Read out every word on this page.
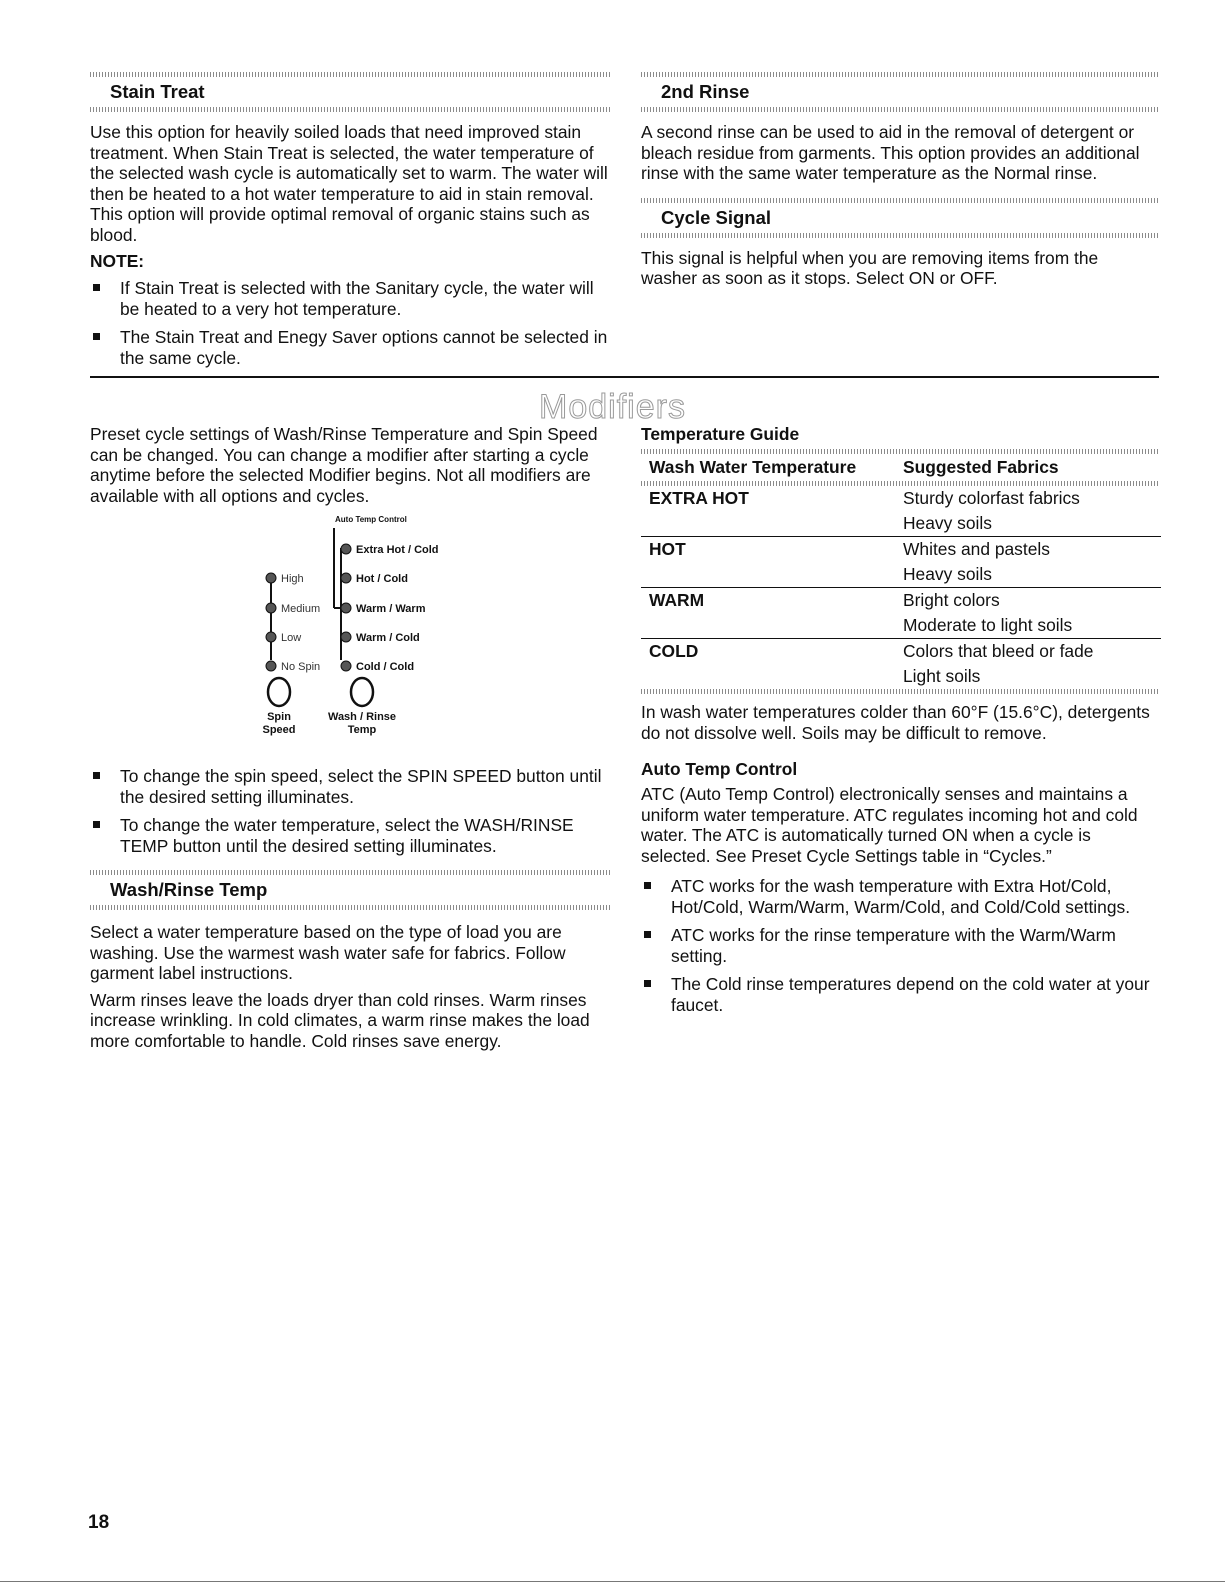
Stain Treat

Use this option for heavily soiled loads that need improved stain treatment. When Stain Treat is selected, the water temperature of the selected wash cycle is automatically set to warm. The water will then be heated to a hot water temperature to aid in stain removal. This option will provide optimal removal of organic stains such as blood.

NOTE:
If Stain Treat is selected with the Sanitary cycle, the water will be heated to a very hot temperature.
The Stain Treat and Enegy Saver options cannot be selected in the same cycle.
2nd Rinse

A second rinse can be used to aid in the removal of detergent or bleach residue from garments. This option provides an additional rinse with the same water temperature as the Normal rinse.

Cycle Signal

This signal is helpful when you are removing items from the washer as soon as it stops. Select ON or OFF.

Modifiers

Preset cycle settings of Wash/Rinse Temperature and Spin Speed can be changed. You can change a modifier after starting a cycle anytime before the selected Modifier begins. Not all modifiers are available with all options and cycles.

Auto Temp Control
High
Medium
Low
No Spin
Extra Hot / Cold
Hot / Cold
Warm / Warm
Warm / Cold
Cold / Cold
Spin
Speed
Wash / Rinse
Temp
To change the spin speed, select the SPIN SPEED button until the desired setting illuminates.
To change the water temperature, select the WASH/RINSE TEMP button until the desired setting illuminates.
Wash/Rinse Temp

Select a water temperature based on the type of load you are washing. Use the warmest wash water safe for fabrics. Follow garment label instructions.

Warm rinses leave the loads dryer than cold rinses. Warm rinses increase wrinkling. In cold climates, a warm rinse makes the load more comfortable to handle. Cold rinses save energy.

Temperature Guide
Wash Water Temperature	Suggested Fabrics
EXTRA HOT	Sturdy colorfast fabrics
Heavy soils

HOT	Whites and pastels
Heavy soils

WARM	Bright colors
Moderate to light soils

COLD	Colors that bleed or fade
Light soils

In wash water temperatures colder than 60°F (15.6°C), detergents do not dissolve well. Soils may be difficult to remove.

Auto Temp Control

ATC (Auto Temp Control) electronically senses and maintains a uniform water temperature. ATC regulates incoming hot and cold water. The ATC is automatically turned ON when a cycle is selected. See Preset Cycle Settings table in “Cycles.”

ATC works for the wash temperature with Extra Hot/Cold, Hot/Cold, Warm/Warm, Warm/Cold, and Cold/Cold settings.
ATC works for the rinse temperature with the Warm/Warm setting.
The Cold rinse temperatures depend on the cold water at your faucet.
18
